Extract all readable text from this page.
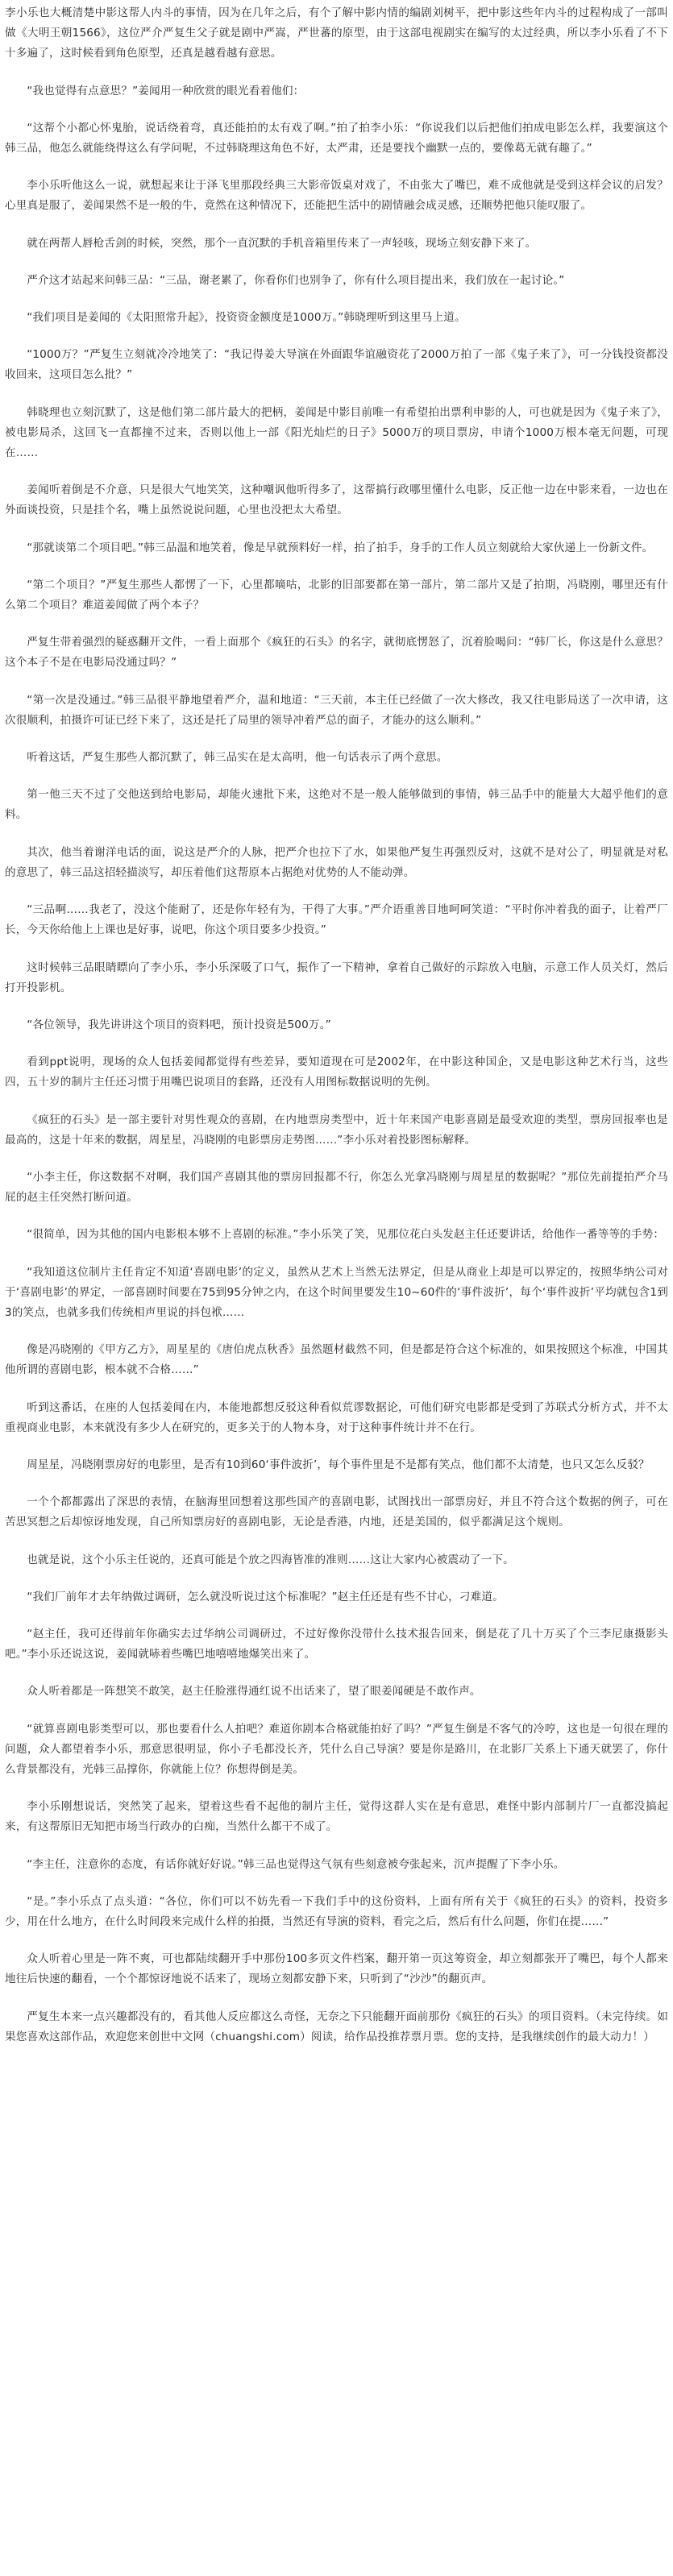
李小乐也大概清楚中影这帮人内斗的事情，因为在几年之后，有个了解中影内情的编剧刘树平，把中影这些年内斗的过程构成了一部叫做《大明王朝1566》，这位严介严复生父子就是剧中严嵩，严世蕃的原型，由于这部电视剧实在编写的太过经典，所以李小乐看了不下十多遍了，这时候看到角色原型，还真是越看越有意思。

“我也觉得有点意思？”姜闻用一种欣赏的眼光看着他们：

“这帮个小都心怀鬼胎，说话绕着弯，真还能拍的太有戏了啊。”拍了拍李小乐：“你说我们以后把他们拍成电影怎么样，我要演这个韩三品，他怎么就能绕得这么有学问呢，不过韩晓理这角色不好，太严肃，还是要找个幽默一点的，要像葛无就有趣了。”

李小乐听他这么一说，就想起来让于泽飞里那段经典三大影帝饭桌对戏了，不由张大了嘴巴，难不成他就是受到这样会议的启发？心里真是服了，姜闻果然不是一般的牛，竟然在这种情况下，还能把生活中的剧情融会成灵感，还顺势把他只能叹服了。

就在两帮人唇枪舌剑的时候，突然，那个一直沉默的手机音箱里传来了一声轻咳，现场立刻安静下来了。

严介这才站起来问韩三品：“三品，谢老累了，你看你们也别争了，你有什么项目提出来，我们放在一起讨论。”

“我们项目是姜闻的《太阳照常升起》，投资资金额度是1000万。”韩晓理听到这里马上道。

“1000万？”严复生立刻就冷冷地笑了：“我记得姜大导演在外面跟华谊融资花了2000万拍了一部《鬼子来了》，可一分钱投资都没收回来，这项目怎么批？”

韩晓理也立刻沉默了，这是他们第二部片最大的把柄，姜闻是中影目前唯一有希望拍出票利申影的人，可也就是因为《鬼子来了》，被电影局杀，这回飞一直都撞不过来，否则以他上一部《阳光灿烂的日子》5000万的项目票房，申请个1000万根本毫无问题，可现在……

姜闻听着倒是不介意，只是很大气地笑笑，这种嘲讽他听得多了，这帮搞行政哪里懂什么电影，反正他一边在中影来看，一边也在外面谈投资，只是挂个名，嘴上虽然说说问题，心里也没把太大希望。

“那就谈第二个项目吧。”韩三品温和地笑着，像是早就预料好一样，拍了拍手，身手的工作人员立刻就给大家伙递上一份新文件。

“第二个项目？”严复生那些人都愣了一下，心里都嘀咕，北影的旧部要都在第一部片，第二部片又是了拍期，冯晓刚，哪里还有什么第二个项目？难道姜闻做了两个本子？

严复生带着强烈的疑惑翻开文件，一看上面那个《疯狂的石头》的名字，就彻底愣怒了，沉着脸喝问：“韩厂长，你这是什么意思？这个本子不是在电影局没通过吗？”

“第一次是没通过。”韩三品很平静地望着严介，温和地道：“三天前，本主任已经做了一次大修改，我又往电影局送了一次申请，这次很顺利，拍摄许可证已经下来了，这还是托了局里的领导冲着严总的面子，才能办的这么顺利。”

听着这话，严复生那些人都沉默了，韩三品实在是太高明，他一句话表示了两个意思。

第一他三天不过了交他送到给电影局，却能火速批下来，这绝对不是一般人能够做到的事情，韩三品手中的能量大大超乎他们的意料。

其次，他当着谢洋电话的面，说这是严介的人脉，把严介也拉下了水，如果他严复生再强烈反对，这就不是对公了，明显就是对私的意思了，韩三品这招轻描淡写，却压着他们这帮原本占据绝对优势的人不能动弹。

“三品啊……我老了，没这个能耐了，还是你年轻有为，干得了大事。”严介语重善目地呵呵笑道：“平时你冲着我的面子，让着严厂长，今天你给他上上课也是好事，说吧，你这个项目要多少投资。”

这时候韩三品眼睛瞟向了李小乐，李小乐深吸了口气，振作了一下精神，拿着自己做好的示踪放入电脑，示意工作人员关灯，然后打开投影机。

“各位领导，我先讲讲这个项目的资料吧，预计投资是500万。”

看到ppt说明，现场的众人包括姜闻都觉得有些差异，要知道现在可是2002年，在中影这种国企，又是电影这种艺术行当，这些四，五十岁的制片主任还习惯于用嘴巴说项目的套路，还没有人用图标数据说明的先例。

《疯狂的石头》是一部主要针对男性观众的喜剧，在内地票房类型中，近十年来国产电影喜剧是最受欢迎的类型，票房回报率也是最高的，这是十年来的数据，周星星，冯晓刚的电影票房走势图……”李小乐对着投影图标解释。

“小李主任，你这数据不对啊，我们国产喜剧其他的票房回报都不行，你怎么光拿冯晓刚与周星星的数据呢？”那位先前提拍严介马屁的赵主任突然打断问道。

“很简单，因为其他的国内电影根本够不上喜剧的标准。”李小乐笑了笑，见那位花白头发赵主任还要讲话，给他作一番等等的手势：

“我知道这位制片主任肯定不知道‘喜剧电影’的定义，虽然从艺术上当然无法界定，但是从商业上却是可以界定的，按照华纳公司对于‘喜剧电影’的界定，一部喜剧时间要在75到95分钟之内，在这个时间里要发生10~60件的‘事件波折’，每个‘事件波折’平均就包含1到3的笑点，也就多我们传统相声里说的抖包袱……

像是冯晓刚的《甲方乙方》，周星星的《唐伯虎点秋香》虽然题材截然不同，但是都是符合这个标准的，如果按照这个标准，中国其他所谓的喜剧电影，根本就不合格……”

听到这番话，在座的人包括姜闻在内，本能地都想反驳这种看似荒谬数据论，可他们研究电影都是受到了苏联式分析方式，并不太重视商业电影，本来就没有多少人在研究的，更多关于的人物本身，对于这种事件统计并不在行。

周星星，冯晓刚票房好的电影里，是否有10到60‘事件波折’，每个事件里是不是都有笑点，他们都不太清楚，也只又怎么反驳？

一个个都都露出了深思的表情，在脑海里回想着这那些国产的喜剧电影，试图找出一部票房好，并且不符合这个数据的例子，可在苦思冥想之后却惊讶地发现，自己所知票房好的喜剧电影，无论是香港，内地，还是美国的，似乎都满足这个规则。

也就是说，这个小乐主任说的，还真可能是个放之四海皆准的准则……这让大家内心被震动了一下。

“我们厂前年才去年纳做过调研，怎么就没听说过这个标准呢？”赵主任还是有些不甘心，刁难道。

“赵主任，我可还得前年你确实去过华纳公司调研过，不过好像你没带什么技术报告回来，倒是花了几十万买了个三李尼康摄影头吧。”李小乐还说这说，姜闻就哧着些嘴巴地嘻嘻地爆笑出来了。

众人听着都是一阵想笑不敢笑，赵主任脸涨得通红说不出话来了，望了眼姜闻硬是不敢作声。

“就算喜剧电影类型可以，那也要看什么人拍吧？难道你剧本合格就能拍好了吗？”严复生倒是不客气的冷哼，这也是一句很在理的问题，众人都望着李小乐，那意思很明显，你小子毛都没长齐，凭什么自己导演？要是你是路川，在北影厂关系上下通天就罢了，你什么背景都没有，光韩三品撑你，你就能上位？你想得倒是美。

李小乐刚想说话，突然笑了起来，望着这些看不起他的制片主任，觉得这群人实在是有意思，难怪中影内部制片厂一直都没搞起来，有这帮原旧无知把市场当行政办的白痴，当然什么都干不成了。

“李主任，注意你的态度，有话你就好好说。”韩三品也觉得这气氛有些刻意被夸张起来，沉声提醒了下李小乐。

“是。”李小乐点了点头道：“各位，你们可以不妨先看一下我们手中的这份资料，上面有所有关于《疯狂的石头》的资料，投资多少，用在什么地方，在什么时间段来完成什么样的拍摄，当然还有导演的资料，看完之后，然后有什么问题，你们在提……”

众人听着心里是一阵不爽，可也都陆续翻开手中那份100多页文件档案，翻开第一页这筹资金，却立刻都张开了嘴巴，每个人都来地往后快速的翻看，一个个都惊讶地说不话来了，现场立刻都安静下来，只听到了“沙沙”的翻页声。

严复生本来一点兴趣都没有的，看其他人反应都这么奇怪，无奈之下只能翻开面前那份《疯狂的石头》的项目资料。（未完待续。如果您喜欢这部作品，欢迎您来创世中文网（chuangshi.com）阅读，给作品投推荐票月票。您的支持，是我继续创作的最大动力！）
